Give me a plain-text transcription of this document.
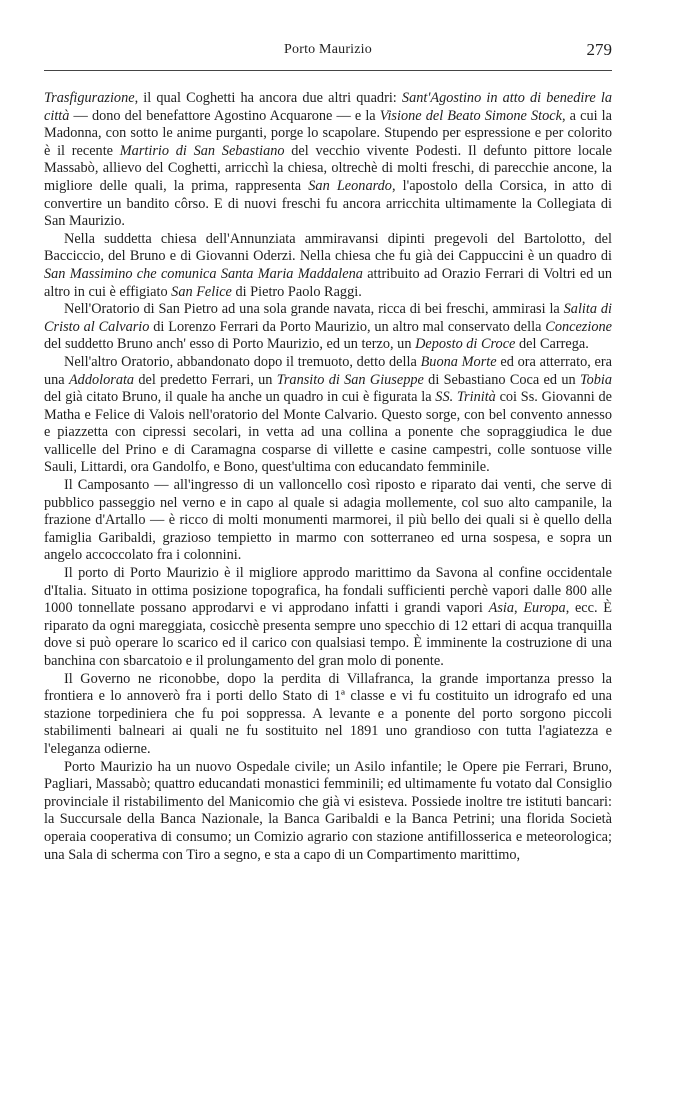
Porto Maurizio	279

Trasfigurazione, il qual Coghetti ha ancora due altri quadri: Sant'Agostino in atto di benedire la città — dono del benefattore Agostino Acquarone — e la Visione del Beato Simone Stock, a cui la Madonna, con sotto le anime purganti, porge lo scapolare. Stupendo per espressione e per colorito è il recente Martirio di San Sebastiano del vecchio vivente Podesti. Il defunto pittore locale Massabò, allievo del Coghetti, arricchì la chiesa, oltrechè di molti freschi, di parecchie ancone, la migliore delle quali, la prima, rappresenta San Leonardo, l'apostolo della Corsica, in atto di convertire un bandito côrso. E di nuovi freschi fu ancora arricchita ultimamente la Collegiata di San Maurizio.

Nella suddetta chiesa dell'Annunziata ammiravansi dipinti pregevoli del Bartolotto, del Bacciccio, del Bruno e di Giovanni Oderzi. Nella chiesa che fu già dei Cappuccini è un quadro di San Massimino che comunica Santa Maria Maddalena attribuito ad Orazio Ferrari di Voltri ed un altro in cui è effigiato San Felice di Pietro Paolo Raggi.

Nell'Oratorio di San Pietro ad una sola grande navata, ricca di bei freschi, ammirasi la Salita di Cristo al Calvario di Lorenzo Ferrari da Porto Maurizio, un altro mal conservato della Concezione del suddetto Bruno anch' esso di Porto Maurizio, ed un terzo, un Deposto di Croce del Carrega.

Nell'altro Oratorio, abbandonato dopo il tremuoto, detto della Buona Morte ed ora atterrato, era una Addolorata del predetto Ferrari, un Transito di San Giuseppe di Sebastiano Coca ed un Tobia del già citato Bruno, il quale ha anche un quadro in cui è figurata la SS. Trinità coi Ss. Giovanni de Matha e Felice di Valois nell'oratorio del Monte Calvario. Questo sorge, con bel convento annesso e piazzetta con cipressi secolari, in vetta ad una collina a ponente che sopraggiudica le due vallicelle del Prino e di Caramagna cosparse di villette e casine campestri, colle sontuose ville Sauli, Littardi, ora Gandolfo, e Bono, quest'ultima con educandato femminile.

Il Camposanto — all'ingresso di un valloncello così riposto e riparato dai venti, che serve di pubblico passeggio nel verno e in capo al quale si adagia mollemente, col suo alto campanile, la frazione d'Artallo — è ricco di molti monumenti marmorei, il più bello dei quali si è quello della famiglia Garibaldi, grazioso tempietto in marmo con sotterraneo ed urna sospesa, e sopra un angelo accoccolato fra i colonnini.

Il porto di Porto Maurizio è il migliore approdo marittimo da Savona al confine occidentale d'Italia. Situato in ottima posizione topografica, ha fondali sufficienti perchè vapori dalle 800 alle 1000 tonnellate possano approdarvi e vi approdano infatti i grandi vapori Asia, Europa, ecc. È riparato da ogni mareggiata, cosicchè presenta sempre uno specchio di 12 ettari di acqua tranquilla dove si può operare lo scarico ed il carico con qualsiasi tempo. È imminente la costruzione di una banchina con sbarcatoio e il prolungamento del gran molo di ponente.

Il Governo ne riconobbe, dopo la perdita di Villafranca, la grande importanza presso la frontiera e lo annoverò fra i porti dello Stato di 1ª classe e vi fu costituito un idrografo ed una stazione torpediniera che fu poi soppressa. A levante e a ponente del porto sorgono piccoli stabilimenti balneari ai quali ne fu sostituito nel 1891 uno grandioso con tutta l'agiatezza e l'eleganza odierne.

Porto Maurizio ha un nuovo Ospedale civile; un Asilo infantile; le Opere pie Ferrari, Bruno, Pagliari, Massabò; quattro educandati monastici femminili; ed ultimamente fu votato dal Consiglio provinciale il ristabilimento del Manicomio che già vi esisteva. Possiede inoltre tre istituti bancari: la Succursale della Banca Nazionale, la Banca Garibaldi e la Banca Petrini; una florida Società operaia cooperativa di consumo; un Comizio agrario con stazione antifillosserica e meteorologica; una Sala di scherma con Tiro a segno, e sta a capo di un Compartimento marittimo,
